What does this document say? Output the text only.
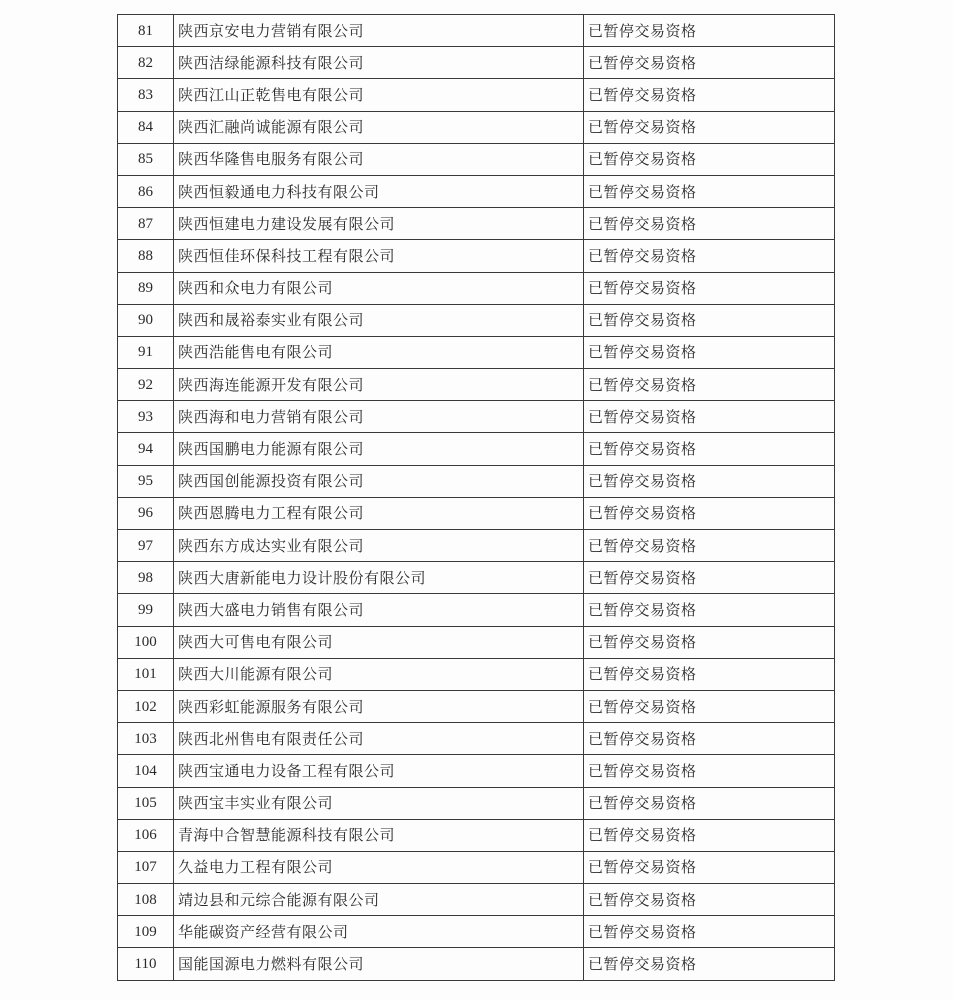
81	陕西京安电力营销有限公司	已暂停交易资格
82	陕西洁绿能源科技有限公司	已暂停交易资格
83	陕西江山正乾售电有限公司	已暂停交易资格
84	陕西汇融尚诚能源有限公司	已暂停交易资格
85	陕西华隆售电服务有限公司	已暂停交易资格
86	陕西恒毅通电力科技有限公司	已暂停交易资格
87	陕西恒建电力建设发展有限公司	已暂停交易资格
88	陕西恒佳环保科技工程有限公司	已暂停交易资格
89	陕西和众电力有限公司	已暂停交易资格
90	陕西和晟裕泰实业有限公司	已暂停交易资格
91	陕西浩能售电有限公司	已暂停交易资格
92	陕西海连能源开发有限公司	已暂停交易资格
93	陕西海和电力营销有限公司	已暂停交易资格
94	陕西国鹏电力能源有限公司	已暂停交易资格
95	陕西国创能源投资有限公司	已暂停交易资格
96	陕西恩腾电力工程有限公司	已暂停交易资格
97	陕西东方成达实业有限公司	已暂停交易资格
98	陕西大唐新能电力设计股份有限公司	已暂停交易资格
99	陕西大盛电力销售有限公司	已暂停交易资格
100	陕西大可售电有限公司	已暂停交易资格
101	陕西大川能源有限公司	已暂停交易资格
102	陕西彩虹能源服务有限公司	已暂停交易资格
103	陕西北州售电有限责任公司	已暂停交易资格
104	陕西宝通电力设备工程有限公司	已暂停交易资格
105	陕西宝丰实业有限公司	已暂停交易资格
106	青海中合智慧能源科技有限公司	已暂停交易资格
107	久益电力工程有限公司	已暂停交易资格
108	靖边县和元综合能源有限公司	已暂停交易资格
109	华能碳资产经营有限公司	已暂停交易资格
110	国能国源电力燃料有限公司	已暂停交易资格
